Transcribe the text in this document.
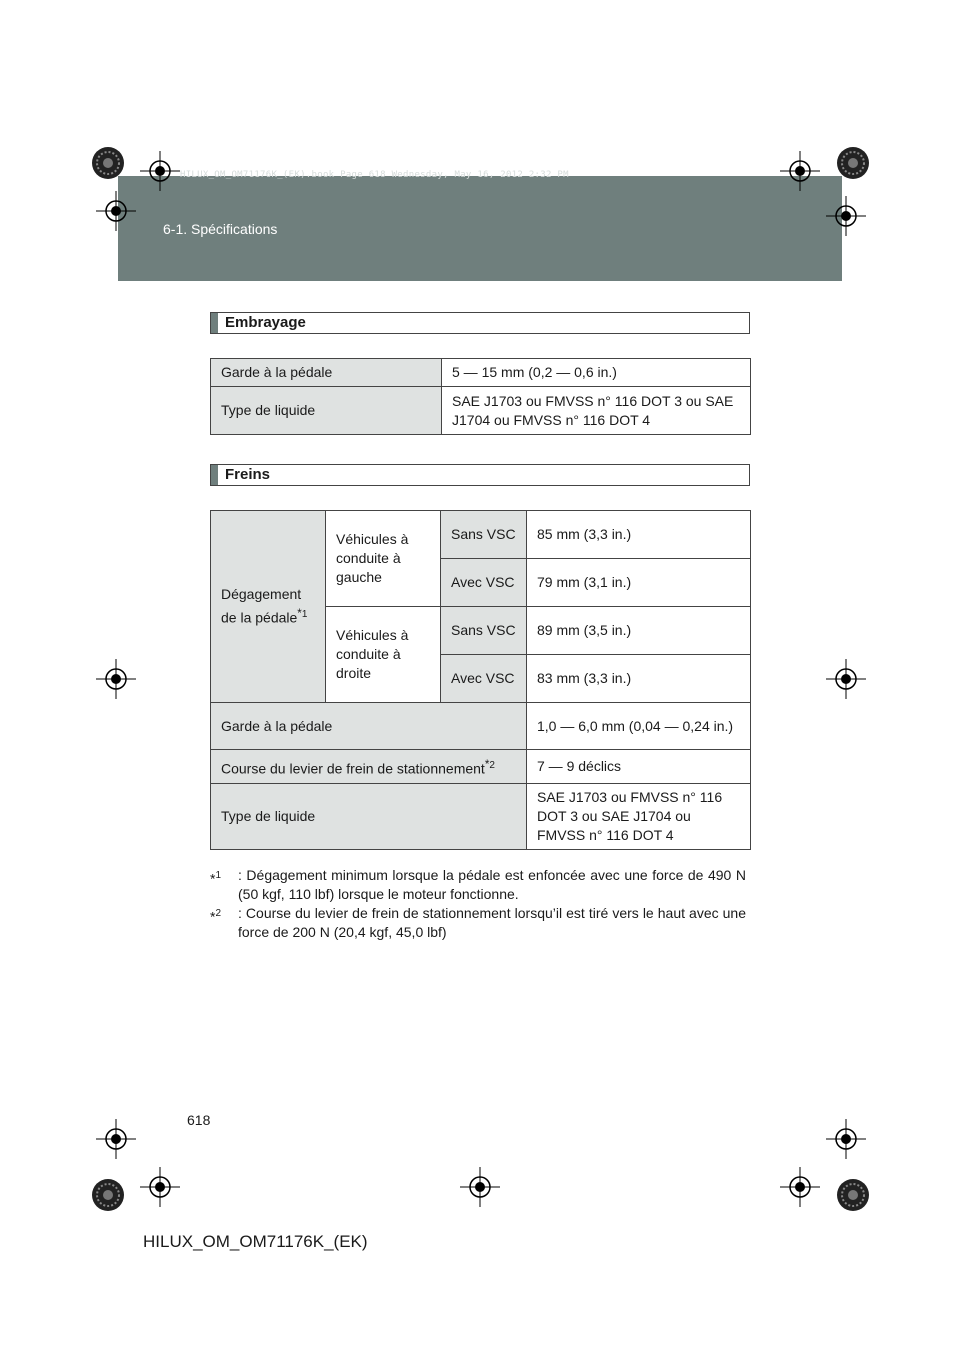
HILUX_OM_OM71176K_(EK).book Page 618 Wednesday, May 16, 2012 2:32 PM
6-1. Spécifications
Embrayage
Garde à la pédale	5 — 15 mm (0,2 — 0,6 in.)
Type de liquide	SAE J1703 ou FMVSS n° 116 DOT 3 ou SAE J1704 ou FMVSS n° 116 DOT 4
Freins
Dégagement de la pédale$^{*1}$	Véhicules à conduite à gauche	Sans VSC	85 mm (3,3 in.)
		Avec VSC	79 mm (3,1 in.)
	Véhicules à conduite à droite	Sans VSC	89 mm (3,5 in.)
		Avec VSC	83 mm (3,3 in.)
Garde à la pédale			1,0 — 6,0 mm (0,04 — 0,24 in.)
Course du levier de frein de stationnement$^{*2}$			7 — 9 déclics
Type de liquide			SAE J1703 ou FMVSS n° 116 DOT 3 ou SAE J1704 ou FMVSS n° 116 DOT 4
*$^1$	: Dégagement minimum lorsque la pédale est enfoncée avec une force de 490 N (50 kgf, 110 lbf) lorsque le moteur fonctionne.
*$^2$	: Course du levier de frein de stationnement lorsqu’il est tiré vers le haut avec une force de 200 N (20,4 kgf, 45,0 lbf)
618
HILUX_OM_OM71176K_(EK)
